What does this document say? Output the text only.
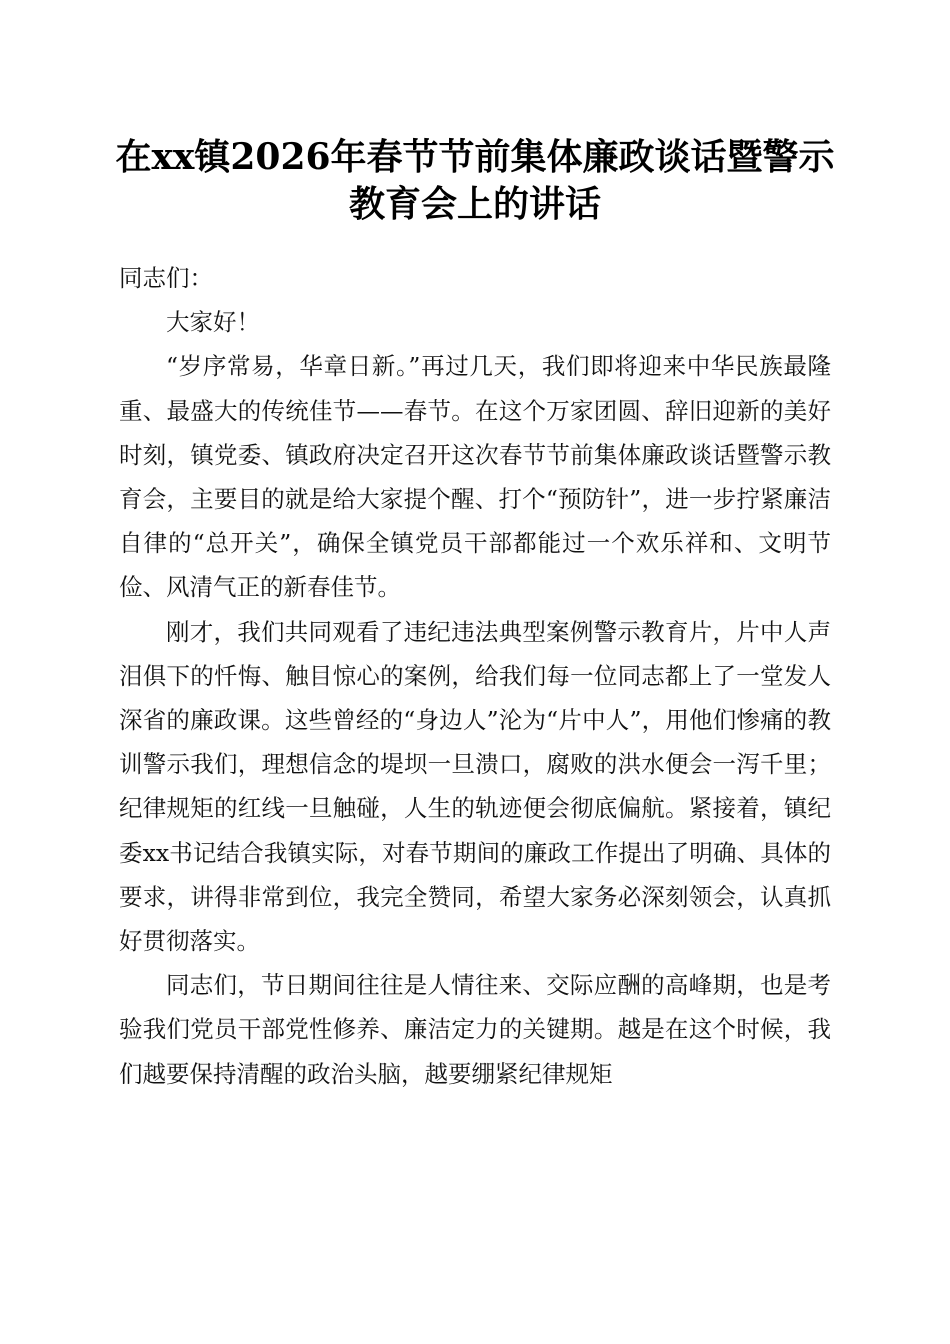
在xx镇2026年春节节前集体廉政谈话暨警示
教育会上的讲话

同志们：

大家好！

“岁序常易，华章日新。”再过几天，我们即将迎来中华民族最隆重、最盛大的传统佳节——春节。在这个万家团圆、辞旧迎新的美好时刻，镇党委、镇政府决定召开这次春节节前集体廉政谈话暨警示教育会，主要目的就是给大家提个醒、打个“预防针”，进一步拧紧廉洁自律的“总开关”，确保全镇党员干部都能过一个欢乐祥和、文明节俭、风清气正的新春佳节。

刚才，我们共同观看了违纪违法典型案例警示教育片，片中人声泪俱下的忏悔、触目惊心的案例，给我们每一位同志都上了一堂发人深省的廉政课。这些曾经的“身边人”沦为“片中人”，用他们惨痛的教训警示我们，理想信念的堤坝一旦溃口，腐败的洪水便会一泻千里；纪律规矩的红线一旦触碰，人生的轨迹便会彻底偏航。紧接着，镇纪委xx书记结合我镇实际，对春节期间的廉政工作提出了明确、具体的要求，讲得非常到位，我完全赞同，希望大家务必深刻领会，认真抓好贯彻落实。

同志们，节日期间往往是人情往来、交际应酬的高峰期，也是考验我们党员干部党性修养、廉洁定力的关键期。越是在这个时候，我们越要保持清醒的政治头脑，越要绷紧纪律规矩
